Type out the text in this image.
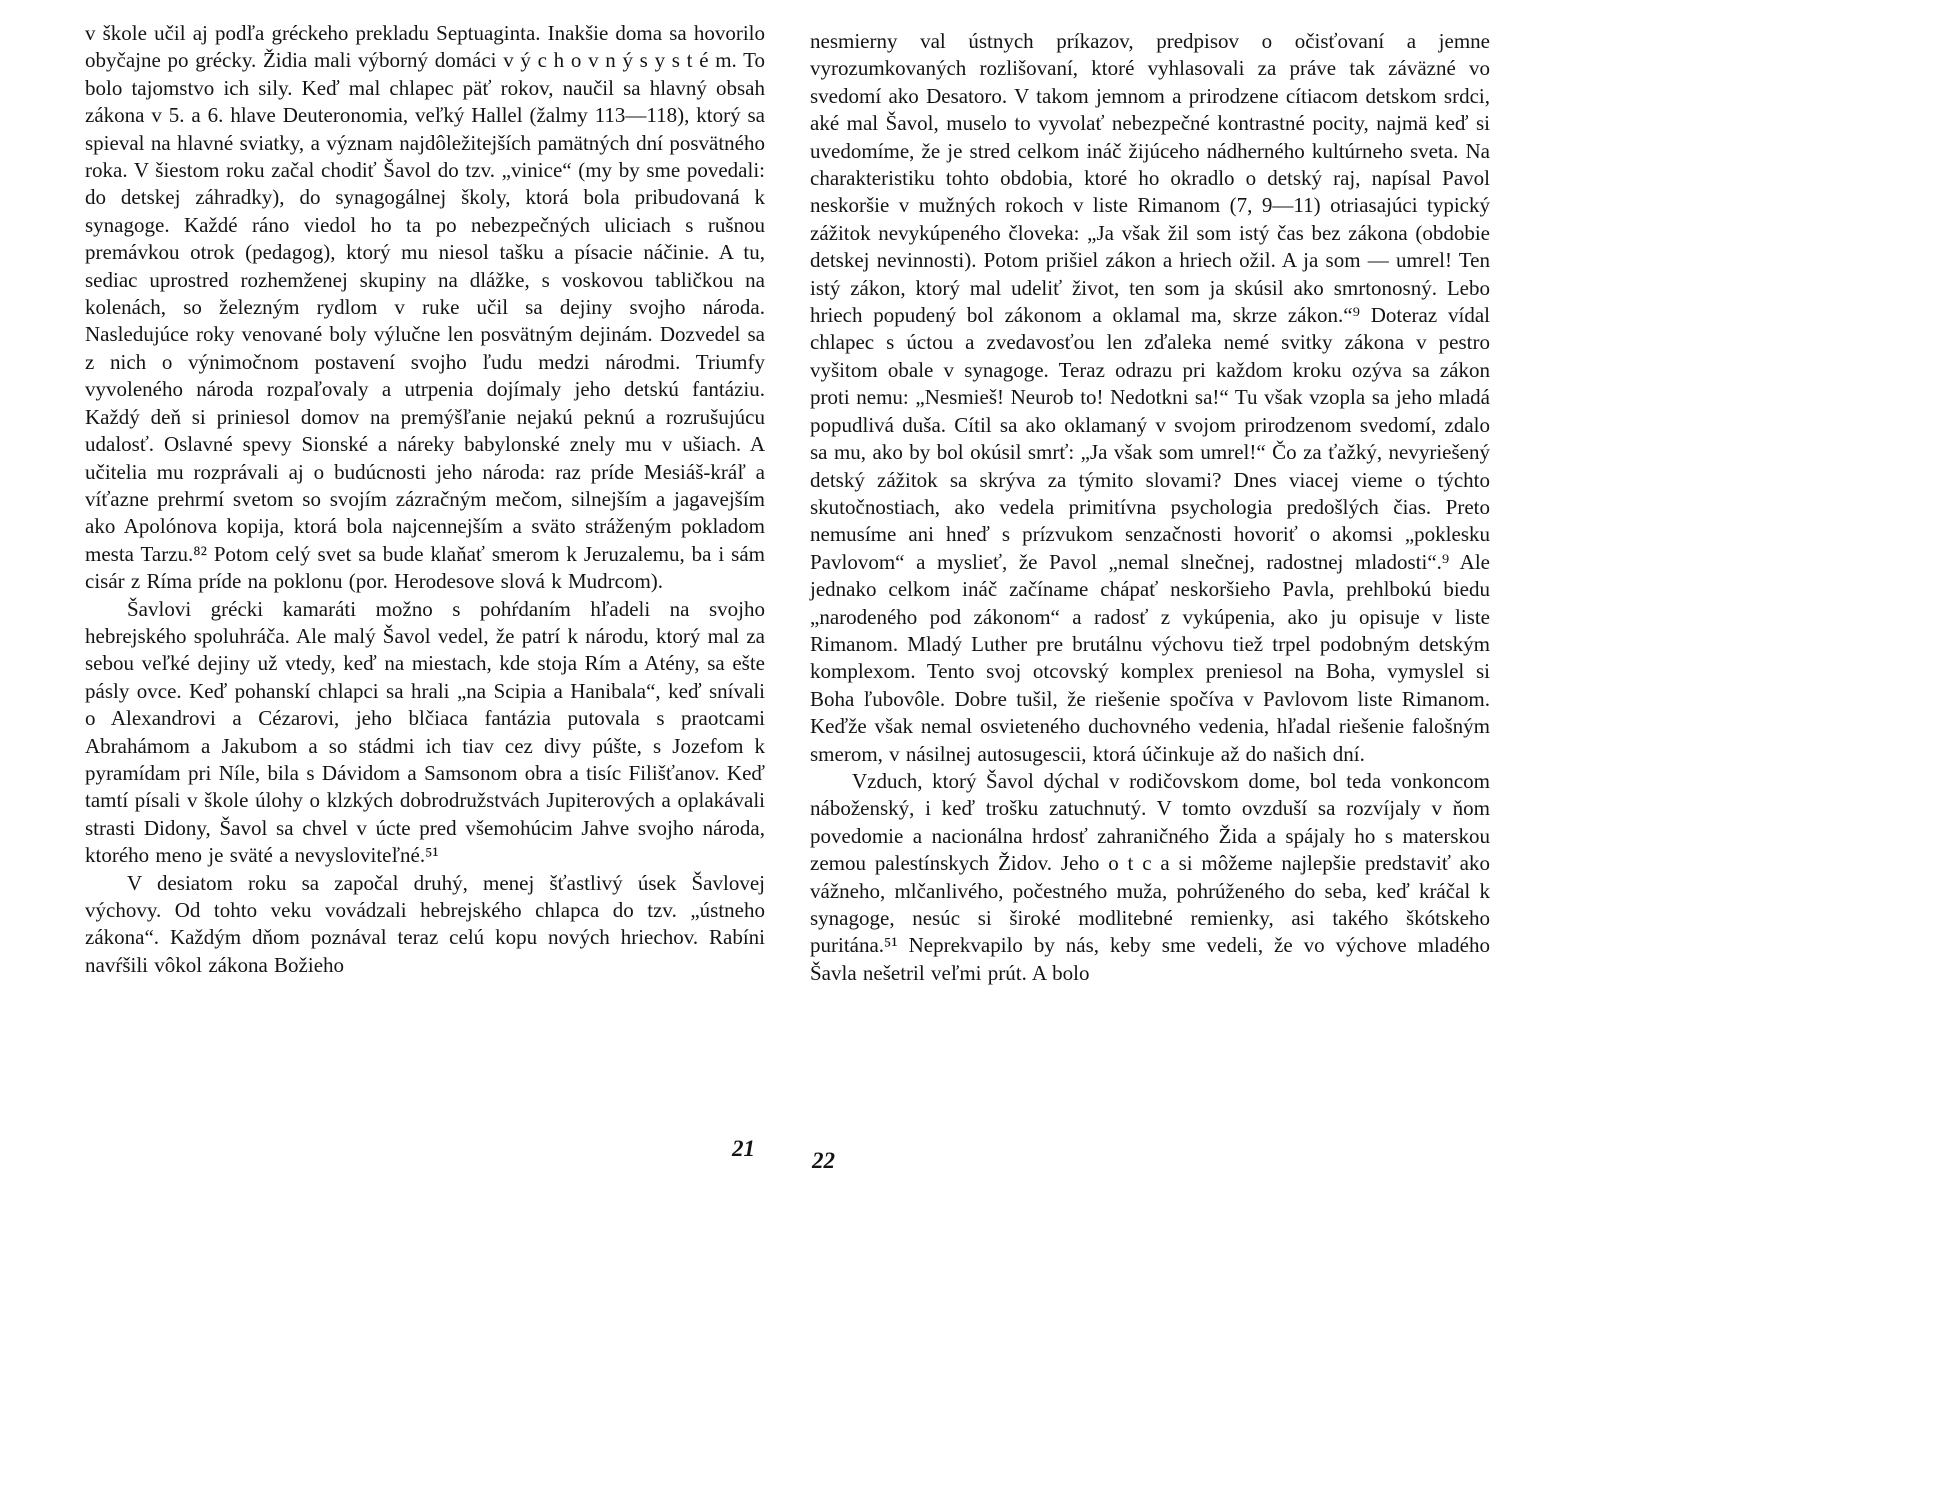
v škole učil aj podľa gréckeho prekladu Septuaginta. Inakšie doma sa hovorilo obyčajne po grécky. Židia mali výborný domáci v ý c h o v n ý s y s t é m. To bolo tajomstvo ich sily. Keď mal chlapec päť rokov, naučil sa hlavný obsah zákona v 5. a 6. hlave Deuteronomia, veľký Hallel (žalmy 113—118), ktorý sa spieval na hlavné sviatky, a význam najdôležitejších pamätných dní posvätného roka. V šiestom roku začal chodiť Šavol do tzv. „vinice“ (my by sme povedali: do detskej záhradky), do synagogálnej školy, ktorá bola pribudovaná k synagoge. Každé ráno viedol ho ta po nebezpečných uliciach s rušnou premávkou otrok (pedagog), ktorý mu niesol tašku a písacie náčinie. A tu, sediac uprostred rozhemženej skupiny na dlážke, s voskovou tabličkou na kolenách, so železným rydlom v ruke učil sa dejiny svojho národa. Nasledujúce roky venované boly výlučne len posvätným dejinám. Dozvedel sa z nich o výnimočnom postavení svojho ľudu medzi národmi. Triumfy vyvoleného národa rozpaľovaly a utrpenia dojímaly jeho detskú fantáziu. Každý deň si priniesol domov na premýšľanie nejakú peknú a rozrušujúcu udalosť. Oslavné spevy Sionské a náreky babylonské znely mu v ušiach. A učitelia mu rozprávali aj o budúcnosti jeho národa: raz príde Mesiáš-kráľ a víťazne prehrmí svetom so svojím zázračným mečom, silnejším a jagavejším ako Apolónova kopija, ktorá bola najcennejším a sväto stráženým pokladom mesta Tarzu.⁸² Potom celý svet sa bude klaňať smerom k Jeruzalemu, ba i sám cisár z Ríma príde na poklonu (por. Herodesove slová k Mudrcom).

Šavlovi grécki kamaráti možno s pohŕdaním hľadeli na svojho hebrejského spoluhráča. Ale malý Šavol vedel, že patrí k národu, ktorý mal za sebou veľké dejiny už vtedy, keď na miestach, kde stoja Rím a Atény, sa ešte pásly ovce. Keď pohanskí chlapci sa hrali „na Scipia a Hanibala“, keď snívali o Alexandrovi a Cézarovi, jeho blčiaca fantázia putovala s praotcami Abrahámom a Jakubom a so stádmi ich tiav cez divy púšte, s Jozefom k pyramídam pri Níle, bila s Dávidom a Samsonom obra a tisíc Filišťanov. Keď tamtí písali v škole úlohy o klzkých dobrodružstvách Jupiterových a oplakávali strasti Didony, Šavol sa chvel v úcte pred všemohúcim Jahve svojho národa, ktorého meno je sväté a nevysloviteľné.⁵¹

V desiatom roku sa započal druhý, menej šťastlivý úsek Šavlovej výchovy. Od tohto veku vovádzali hebrejského chlapca do tzv. „ústneho zákona“. Každým dňom poznával teraz celú kopu nových hriechov. Rabíni navŕšili vôkol zákona Božieho

nesmierny val ústnych príkazov, predpisov o očisťovaní a jemne vyrozumkovaných rozlišovaní, ktoré vyhlasovali za práve tak záväzné vo svedomí ako Desatoro. V takom jemnom a prirodzene cítiacom detskom srdci, aké mal Šavol, muselo to vyvolať nebezpečné kontrastné pocity, najmä keď si uvedomíme, že je stred celkom ináč žijúceho nádherného kultúrneho sveta. Na charakteristiku tohto obdobia, ktoré ho okradlo o detský raj, napísal Pavol neskoršie v mužných rokoch v liste Rimanom (7, 9—11) otriasajúci typický zážitok nevykúpeného človeka: „Ja však žil som istý čas bez zákona (obdobie detskej nevinnosti). Potom prišiel zákon a hriech ožil. A ja som — umrel! Ten istý zákon, ktorý mal udeliť život, ten som ja skúsil ako smrtonosný. Lebo hriech popudený bol zákonom a oklamal ma, skrze zákon.“⁹ Doteraz vídal chlapec s úctou a zvedavosťou len zďaleka nemé svitky zákona v pestro vyšitom obale v synagoge. Teraz odrazu pri každom kroku ozýva sa zákon proti nemu: „Nesmieš! Neurob to! Nedotkni sa!“ Tu však vzopla sa jeho mladá popudlivá duša. Cítil sa ako oklamaný v svojom prirodzenom svedomí, zdalo sa mu, ako by bol okúsil smrť: „Ja však som umrel!“ Čo za ťažký, nevyriešený detský zážitok sa skrýva za týmito slovami? Dnes viacej vieme o týchto skutočnostiach, ako vedela primitívna psychologia predošlých čias. Preto nemusíme ani hneď s prízvukom senzačnosti hovoriť o akomsi „poklesku Pavlovom“ a myslieť, že Pavol „nemal slnečnej, radostnej mladosti“.⁹ Ale jednako celkom ináč začíname chápať neskoršieho Pavla, prehlbokú biedu „narodeného pod zákonom“ a radosť z vykúpenia, ako ju opisuje v liste Rimanom. Mladý Luther pre brutálnu výchovu tiež trpel podobným detským komplexom. Tento svoj otcovský komplex preniesol na Boha, vymyslel si Boha ľubovôle. Dobre tušil, že riešenie spočíva v Pavlovom liste Rimanom. Keďže však nemal osvieteného duchovného vedenia, hľadal riešenie falošným smerom, v násilnej autosugescii, ktorá účinkuje až do našich dní.

Vzduch, ktorý Šavol dýchal v rodičovskom dome, bol teda vonkoncom náboženský, i keď trošku zatuchnutý. V tomto ovzduší sa rozvíjaly v ňom povedomie a nacionálna hrdosť zahraničného Žida a spájaly ho s materskou zemou palestínskych Židov. Jeho o t c a si môžeme najlepšie predstaviť ako vážneho, mlčanlivého, počestného muža, pohrúženého do seba, keď kráčal k synagoge, nesúc si široké modlitebné remienky, asi takého škótskeho puritána.⁵¹ Neprekvapilo by nás, keby sme vedeli, že vo výchove mladého Šavla nešetril veľmi prút. A bolo

21 22
